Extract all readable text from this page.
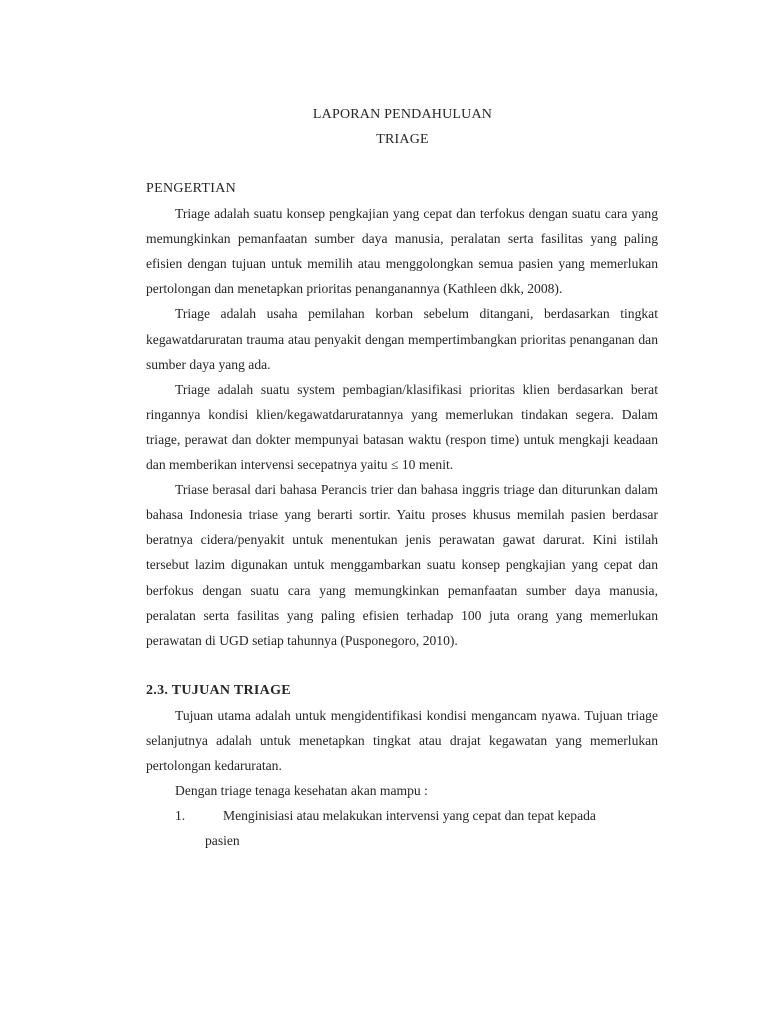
LAPORAN PENDAHULUAN
TRIAGE
PENGERTIAN

Triage adalah suatu konsep pengkajian yang cepat dan terfokus dengan suatu cara yang memungkinkan pemanfaatan sumber daya manusia, peralatan serta fasilitas yang paling efisien dengan tujuan untuk memilih atau menggolongkan semua pasien yang memerlukan pertolongan dan menetapkan prioritas penanganannya (Kathleen dkk, 2008).

Triage adalah usaha pemilahan korban sebelum ditangani, berdasarkan tingkat kegawatdaruratan trauma atau penyakit dengan mempertimbangkan prioritas penanganan dan sumber daya yang ada.

Triage adalah suatu system pembagian/klasifikasi prioritas klien berdasarkan berat ringannya kondisi klien/kegawatdaruratannya yang memerlukan tindakan segera. Dalam triage, perawat dan dokter mempunyai batasan waktu (respon time) untuk mengkaji keadaan dan memberikan intervensi secepatnya yaitu ≤ 10 menit.

Triase berasal dari bahasa Perancis trier dan bahasa inggris triage dan diturunkan dalam bahasa Indonesia triase yang berarti sortir. Yaitu proses khusus memilah pasien berdasar beratnya cidera/penyakit untuk menentukan jenis perawatan gawat darurat. Kini istilah tersebut lazim digunakan untuk menggambarkan suatu konsep pengkajian yang cepat dan berfokus dengan suatu cara yang memungkinkan pemanfaatan sumber daya manusia, peralatan serta fasilitas yang paling efisien terhadap 100 juta orang yang memerlukan perawatan di UGD setiap tahunnya (Pusponegoro, 2010).

2.3. TUJUAN TRIAGE

Tujuan utama adalah untuk mengidentifikasi kondisi mengancam nyawa. Tujuan triage selanjutnya adalah untuk menetapkan tingkat atau drajat kegawatan yang memerlukan pertolongan kedaruratan.

Dengan triage tenaga kesehatan akan mampu :

1.	Menginisiasi atau melakukan intervensi yang cepat dan tepat kepada
pasien
